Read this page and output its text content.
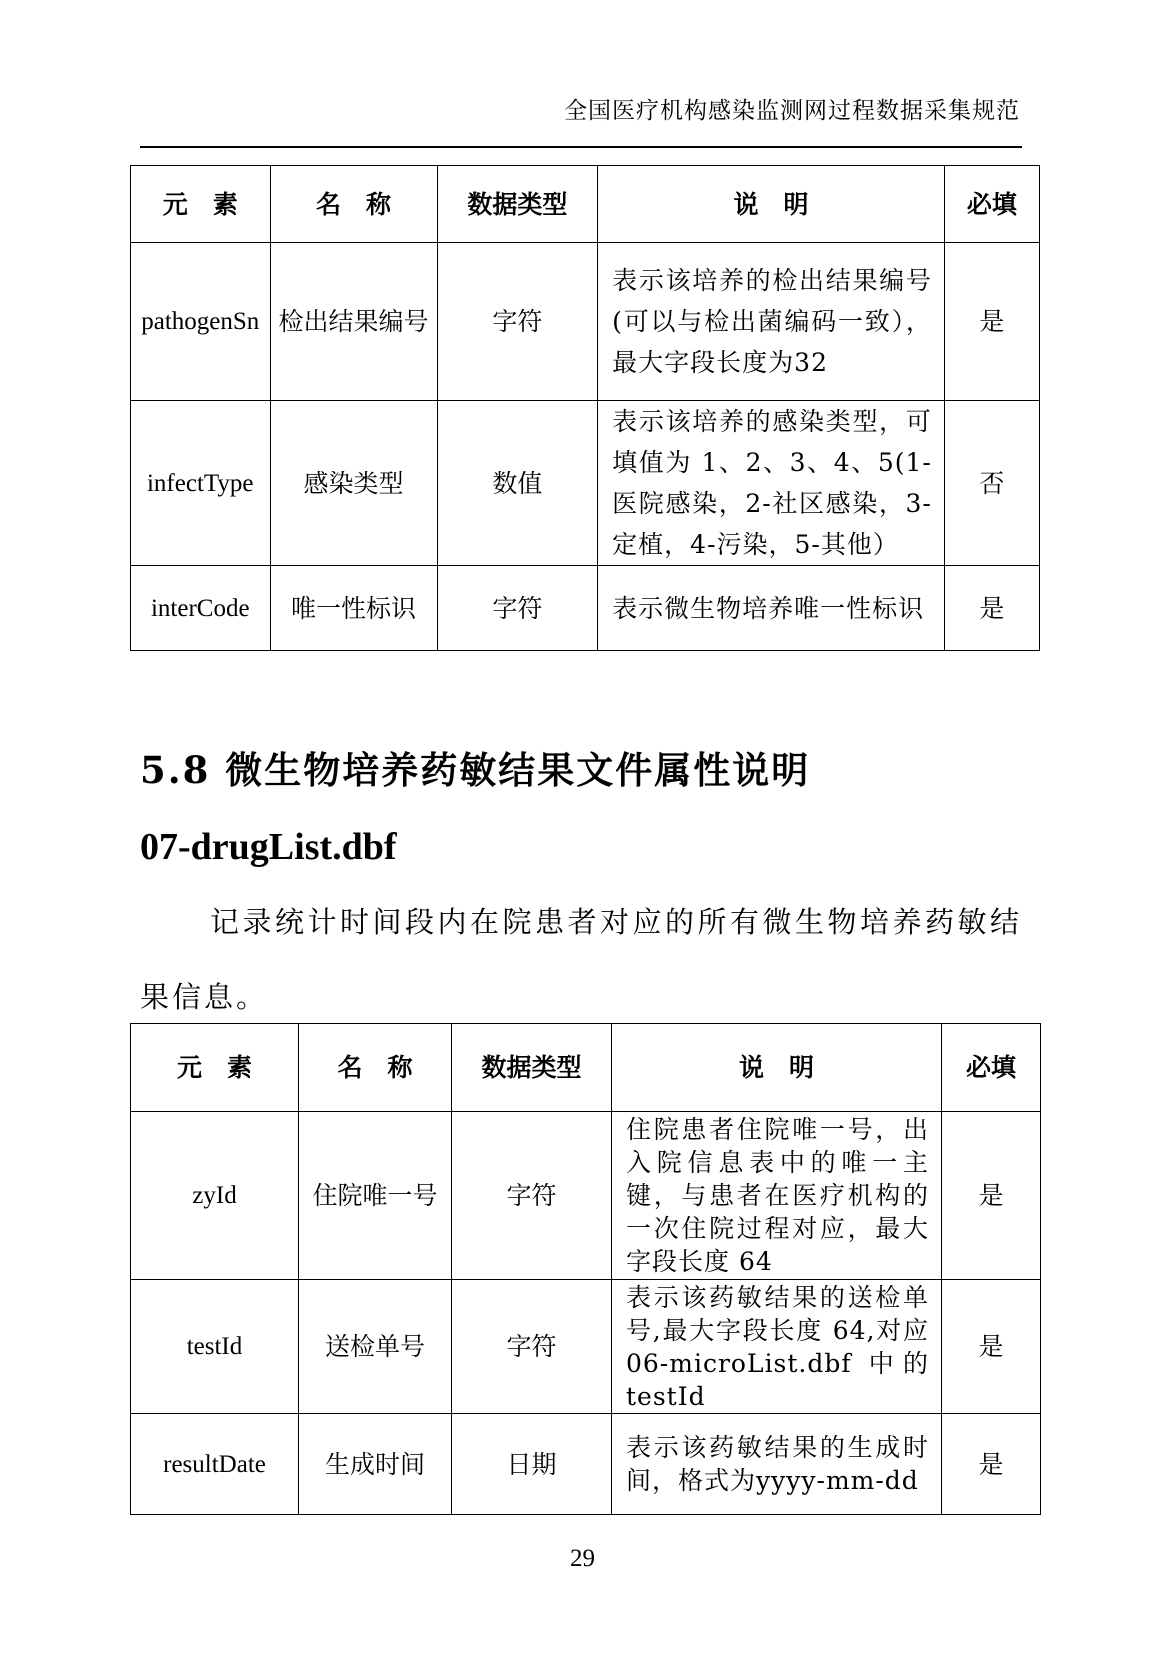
全国医疗机构感染监测网过程数据采集规范
元　素	名　称	数据类型	说　明	必填
pathogenSn	检出结果编号	字符	表示该培养的检出结果编号(可以与检出菌编码一致），最大字段长度为32	是
infectType	感染类型	数值	表示该培养的感染类型，可填值为 1、2、3、4、5(1-医院感染，2-社区感染，3-定植，4-污染，5-其他）	否
interCode	唯一性标识	字符	表示微生物培养唯一性标识	是
5.8 微生物培养药敏结果文件属性说明
07-drugList.dbf
记录统计时间段内在院患者对应的所有微生物培养药敏结果信息。
元　素	名　称	数据类型	说　明	必填
zyId	住院唯一号	字符	住院患者住院唯一号，出入院信息表中的唯一主键，与患者在医疗机构的一次住院过程对应，最大字段长度 64	是
testId	送检单号	字符	表示该药敏结果的送检单号,最大字段长度 64,对应 06-microList.dbf 中的 testId	是
resultDate	生成时间	日期	表示该药敏结果的生成时间，格式为yyyy-mm-dd	是
29
